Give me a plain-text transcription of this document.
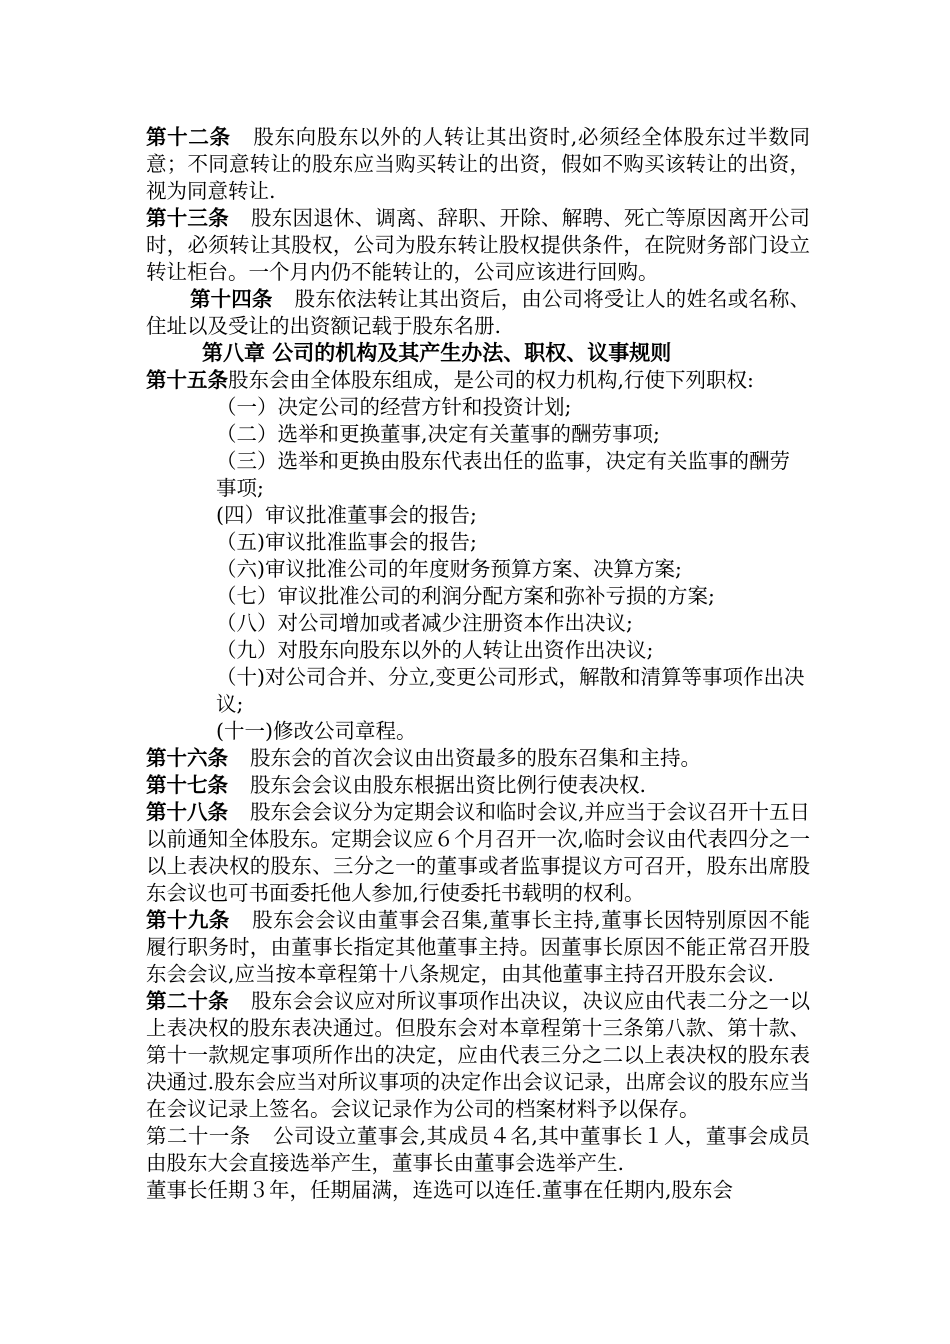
第十二条 股东向股东以外的人转让其出资时,必须经全体股东过半数同意；不同意转让的股东应当购买转让的出资，假如不购买该转让的出资，视为同意转让.

第十三条 股东因退休、调离、辞职、开除、解聘、死亡等原因离开公司时，必须转让其股权，公司为股东转让股权提供条件，在院财务部门设立转让柜台。一个月内仍不能转让的，公司应该进行回购。

第十四条 股东依法转让其出资后，由公司将受让人的姓名或名称、住址以及受让的出资额记载于股东名册.

第八章 公司的机构及其产生办法、职权、议事规则

第十五条股东会由全体股东组成，是公司的权力机构,行使下列职权:

（一）决定公司的经营方针和投资计划;

（二）选举和更换董事,决定有关董事的酬劳事项;

（三）选举和更换由股东代表出任的监事，决定有关监事的酬劳事项;

(四）审议批准董事会的报告;

（五)审议批准监事会的报告;

（六)审议批准公司的年度财务预算方案、决算方案;

（七）审议批准公司的利润分配方案和弥补亏损的方案;

（八）对公司增加或者减少注册资本作出决议;

（九）对股东向股东以外的人转让出资作出决议;

（十)对公司合并、分立,变更公司形式，解散和清算等事项作出决议;

(十一)修改公司章程。

第十六条 股东会的首次会议由出资最多的股东召集和主持。

第十七条 股东会会议由股东根据出资比例行使表决权.

第十八条 股东会会议分为定期会议和临时会议,并应当于会议召开十五日以前通知全体股东。定期会议应６个月召开一次,临时会议由代表四分之一以上表决权的股东、三分之一的董事或者监事提议方可召开，股东出席股东会议也可书面委托他人参加,行使委托书载明的权利。

第十九条 股东会会议由董事会召集,董事长主持,董事长因特别原因不能履行职务时，由董事长指定其他董事主持。因董事长原因不能正常召开股东会会议,应当按本章程第十八条规定，由其他董事主持召开股东会议.

第二十条 股东会会议应对所议事项作出决议，决议应由代表二分之一以上表决权的股东表决通过。但股东会对本章程第十三条第八款、第十款、第十一款规定事项所作出的决定，应由代表三分之二以上表决权的股东表决通过.股东会应当对所议事项的决定作出会议记录，出席会议的股东应当在会议记录上签名。会议记录作为公司的档案材料予以保存。

第二十一条 公司设立董事会,其成员４名,其中董事长１人，董事会成员由股东大会直接选举产生，董事长由董事会选举产生.

董事长任期３年，任期届满，连选可以连任.董事在任期内,股东会
